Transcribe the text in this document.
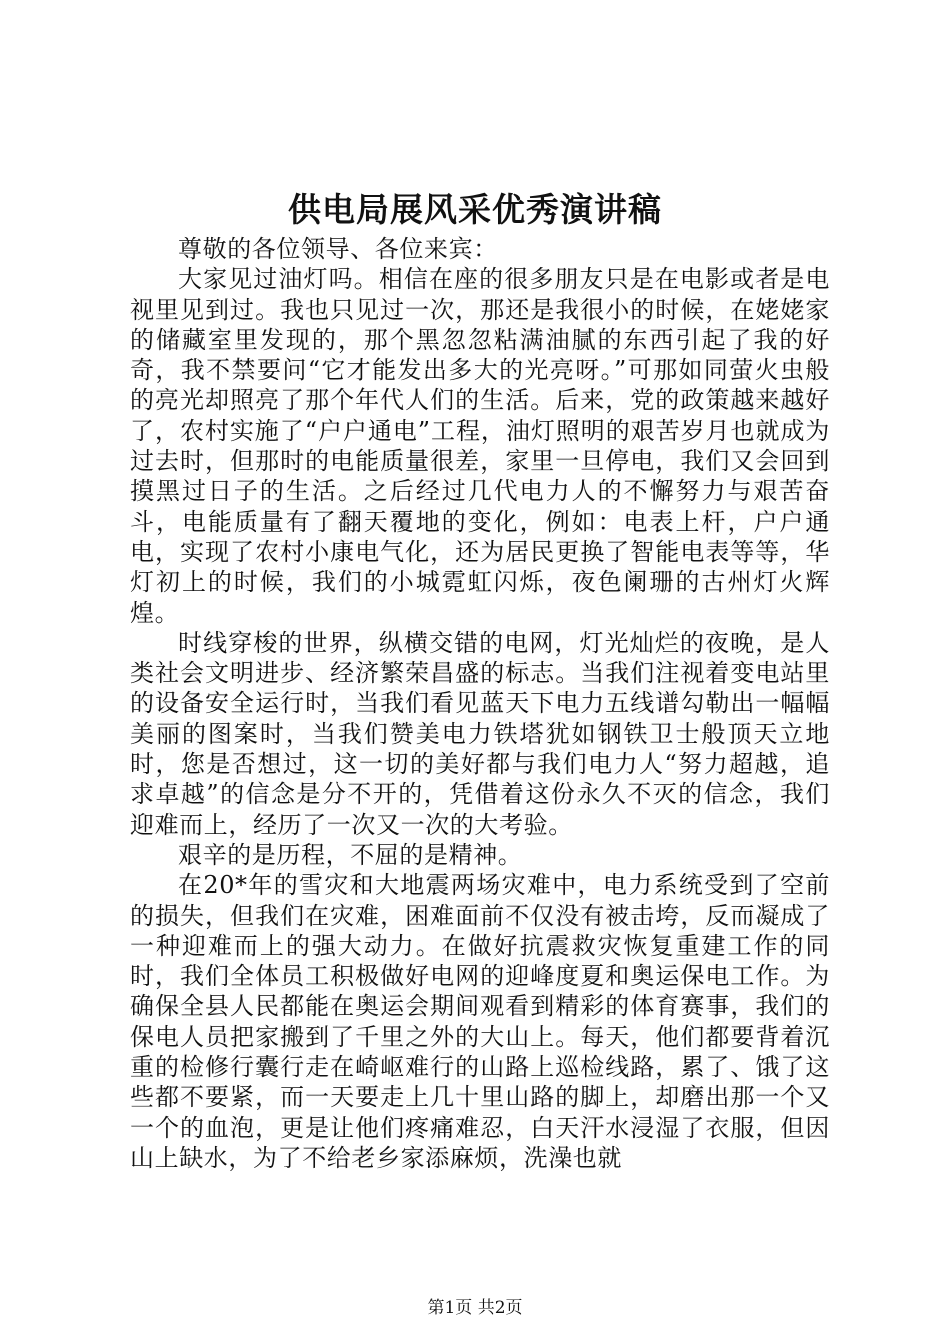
供电局展风采优秀演讲稿

尊敬的各位领导、各位来宾：

大家见过油灯吗。相信在座的很多朋友只是在电影或者是电视里见到过。我也只见过一次，那还是我很小的时候，在姥姥家的储藏室里发现的，那个黑忽忽粘满油腻的东西引起了我的好奇，我不禁要问“它才能发出多大的光亮呀。”可那如同萤火虫般的亮光却照亮了那个年代人们的生活。后来，党的政策越来越好了，农村实施了“户户通电”工程，油灯照明的艰苦岁月也就成为过去时，但那时的电能质量很差，家里一旦停电，我们又会回到摸黑过日子的生活。之后经过几代电力人的不懈努力与艰苦奋斗，电能质量有了翻天覆地的变化，例如：电表上杆，户户通电，实现了农村小康电气化，还为居民更换了智能电表等等，华灯初上的时候，我们的小城霓虹闪烁，夜色阑珊的古州灯火辉煌。

时线穿梭的世界，纵横交错的电网，灯光灿烂的夜晚，是人类社会文明进步、经济繁荣昌盛的标志。当我们注视着变电站里的设备安全运行时，当我们看见蓝天下电力五线谱勾勒出一幅幅美丽的图案时，当我们赞美电力铁塔犹如钢铁卫士般顶天立地时，您是否想过，这一切的美好都与我们电力人“努力超越，追求卓越”的信念是分不开的，凭借着这份永久不灭的信念，我们迎难而上，经历了一次又一次的大考验。

艰辛的是历程，不屈的是精神。

在20*年的雪灾和大地震两场灾难中，电力系统受到了空前的损失，但我们在灾难，困难面前不仅没有被击垮，反而凝成了一种迎难而上的强大动力。在做好抗震救灾恢复重建工作的同时，我们全体员工积极做好电网的迎峰度夏和奥运保电工作。为确保全县人民都能在奥运会期间观看到精彩的体育赛事，我们的保电人员把家搬到了千里之外的大山上。每天，他们都要背着沉重的检修行囊行走在崎岖难行的山路上巡检线路，累了、饿了这些都不要紧，而一天要走上几十里山路的脚上，却磨出那一个又一个的血泡，更是让他们疼痛难忍，白天汗水浸湿了衣服，但因山上缺水，为了不给老乡家添麻烦，洗澡也就

第1页 共2页
